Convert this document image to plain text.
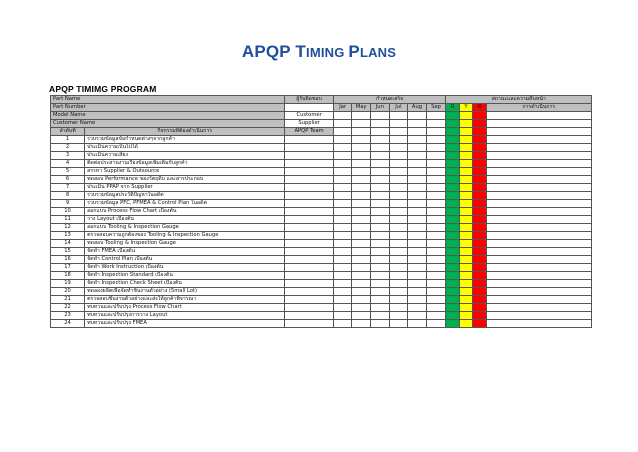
APQP TIMING PLANS
APQP TIMIMG PROGRAM
Part Name		ผู้รับผิดชอบ	กำหนดเสร็จ						สถานะและความคืบหน้า			
Part Number			Jar	May	Jun	Jul	Aug	Sep	G	Y	R	การดำเนินการ
Model Name		Customer										
Customer Name		Supplier										
ลำดับที่	กิจกรรมที่ต้องดำเนินการ	APQP Team										
1	รวบรวมข้อมูลข้อกำหนดต่างๆจากลูกค้า											
2	ประเมินความเป็นไปได้											
3	ประเมินความเสี่ยง											
4	ติดต่อประสานงานเรื่องข้อมูลเพิ่มเติมกับลูกค้า											
5	สรรหา Supplier & Outsource											
6	ทดสอบ Performance ของวัตถุดิบ และสารประกอบ											
7	ประเมิน PPAP จาก Supplier											
8	รวบรวมข้อมูลประวัติปัญหาในอดีต											
9	รวบรวมข้อมูล PFC, PFMEA & Control Plan ในอดีต											
10	ออกแบบ Process Flow Chart เบื้องต้น											
11	วาง Layout เบื้องต้น											
12	ออกแบบ Tooling & Inspection Gauge											
13	ตรวจสอบความถูกต้องของ Tooling & Inspection Gauge											
14	ทดสอบ Tooling & Inspection Gauge											
15	จัดทำ FMEA เบื้องต้น											
16	จัดทำ Control Plan เบื้องต้น											
17	จัดทำ Work Instruction เบื้องต้น											
18	จัดทำ Inspection Standard เบื้องต้น											
19	จัดทำ Inspection Check Sheet เบื้องต้น											
20	ทดลองผลิตเพื่อจัดทำชิ้นงานตัวอย่าง (Small Lot)											
21	ตรวจสอบชิ้นงานตัวอย่างและส่งให้ลูกค้าพิจารณา											
22	ทบทวนและปรับปรุง Process Flow Chart											
23	ทบทวนและปรับปรุงการวาง Layout											
24	ทบทวนและปรับปรุง FMEA											
